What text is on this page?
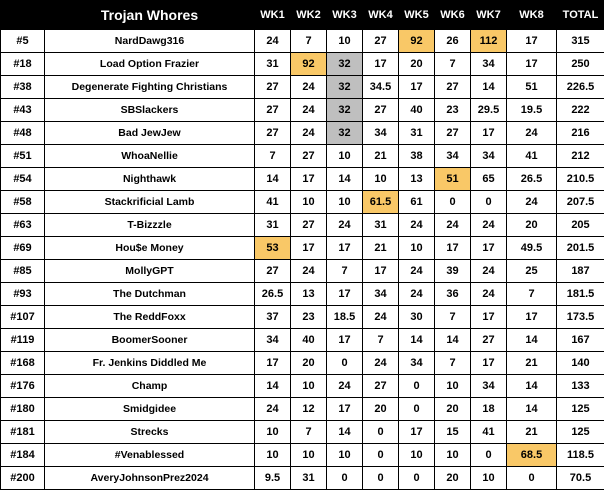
	Trojan Whores	WK1	WK2	WK3	WK4	WK5	WK6	WK7	WK8	TOTAL
#5	NardDawg316	24	7	10	27	92	26	112	17	315
#18	Load Option Frazier	31	92	32	17	20	7	34	17	250
#38	Degenerate Fighting Christians	27	24	32	34.5	17	27	14	51	226.5
#43	SBSlackers	27	24	32	27	40	23	29.5	19.5	222
#48	Bad JewJew	27	24	32	34	31	27	17	24	216
#51	WhoaNellie	7	27	10	21	38	34	34	41	212
#54	Nighthawk	14	17	14	10	13	51	65	26.5	210.5
#58	Stackrificial Lamb	41	10	10	61.5	61	0	0	24	207.5
#63	T-Bizzzle	31	27	24	31	24	24	24	20	205
#69	Hou$e Money	53	17	17	21	10	17	17	49.5	201.5
#85	MollyGPT	27	24	7	17	24	39	24	25	187
#93	The Dutchman	26.5	13	17	34	24	36	24	7	181.5
#107	The ReddFoxx	37	23	18.5	24	30	7	17	17	173.5
#119	BoomerSooner	34	40	17	7	14	14	27	14	167
#168	Fr. Jenkins Diddled Me	17	20	0	24	34	7	17	21	140
#176	Champ	14	10	24	27	0	10	34	14	133
#180	Smidgidee	24	12	17	20	0	20	18	14	125
#181	Strecks	10	7	14	0	17	15	41	21	125
#184	#Venablessed	10	10	10	0	10	10	0	68.5	118.5
#200	AveryJohnsonPrez2024	9.5	31	0	0	0	20	10	0	70.5
